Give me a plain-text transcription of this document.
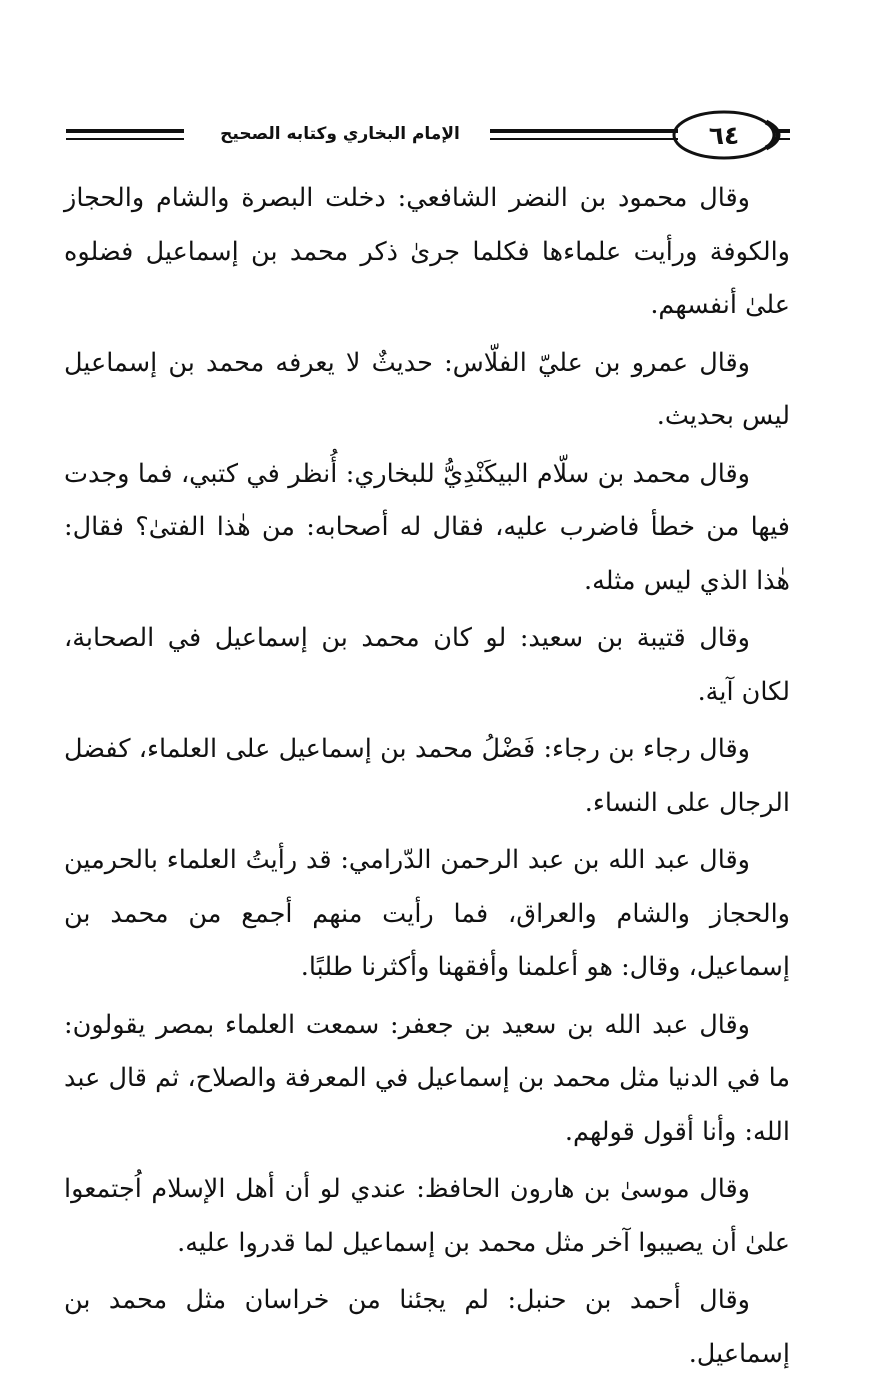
الإمام البخاري وكتابه الصحيح	٦٤

وقال محمود بن النضر الشافعي: دخلت البصرة والشام والحجاز والكوفة ورأيت علماءها فكلما جرىٰ ذكر محمد بن إسماعيل فضلوه علىٰ أنفسهم.

وقال عمرو بن عليّ الفلّاس: حديثٌ لا يعرفه محمد بن إسماعيل ليس بحديث.

وقال محمد بن سلّام البيكَنْدِيُّ للبخاري: أُنظر في كتبي، فما وجدت فيها من خطأ فاضرب عليه، فقال له أصحابه: من هٰذا الفتىٰ؟ فقال: هٰذا الذي ليس مثله.

وقال قتيبة بن سعيد: لو كان محمد بن إسماعيل في الصحابة، لكان آية.

وقال رجاء بن رجاء: فَضْلُ محمد بن إسماعيل على العلماء، كفضل الرجال على النساء.

وقال عبد الله بن عبد الرحمن الدّرامي: قد رأيتُ العلماء بالحرمين والحجاز والشام والعراق، فما رأيت منهم أجمع من محمد بن إسماعيل، وقال: هو أعلمنا وأفقهنا وأكثرنا طلبًا.

وقال عبد الله بن سعيد بن جعفر: سمعت العلماء بمصر يقولون: ما في الدنيا مثل محمد بن إسماعيل في المعرفة والصلاح، ثم قال عبد الله: وأنا أقول قولهم.

وقال موسىٰ بن هارون الحافظ: عندي لو أن أهل الإسلام اُجتمعوا علىٰ أن يصيبوا آخر مثل محمد بن إسماعيل لما قدروا عليه.

وقال أحمد بن حنبل: لم يجئنا من خراسان مثل محمد بن إسماعيل.
